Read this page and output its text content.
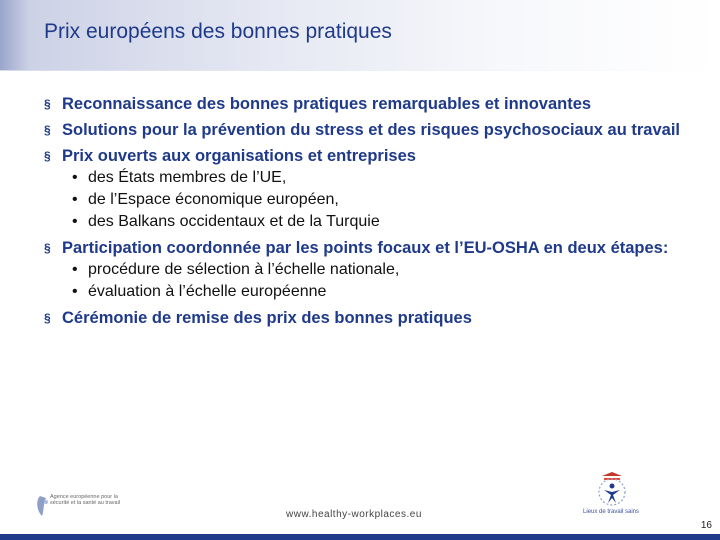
Prix européens des bonnes pratiques
§ Reconnaissance des bonnes pratiques remarquables et innovantes
§ Solutions pour la prévention du stress et des risques psychosociaux au travail
§ Prix ouverts aux organisations et entreprises
• des États membres de l’UE,
• de l’Espace économique européen,
• des Balkans occidentaux et de la Turquie
§ Participation coordonnée par les points focaux et l’EU-OSHA en deux étapes:
• procédure de sélection à l’échelle nationale,
• évaluation à l’échelle européenne
§ Cérémonie de remise des prix des bonnes pratiques
Agence européenne pour la sécurité et la santé au travail
www.healthy-workplaces.eu	Lieux de travail sains
16
